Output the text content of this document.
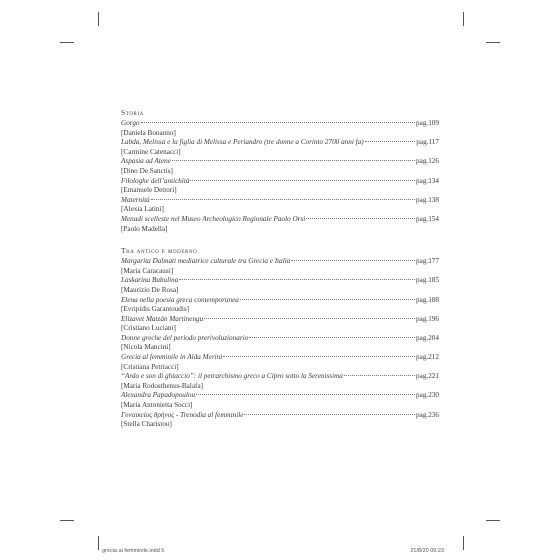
Storia
Gorgo	pag.109
[Daniela Bonanno]
Labda, Melissa e la figlia di Melissa e Periandro (tre donne a Corinto 2700 anni fa)	pag.117
[Carmine Catenacci]
Aspasia ad Atene	pag.126
[Dino De Sanctis]
Filologhe dell’antichità	pag.134
[Emanuele Dettori]
Maternità	pag.138
[Alexia Latini]
Menadi scelleste nel Museo Archeologico Regionale Paolo Orsi	pag.154
[Paolo Madella]
Tra antico e moderno
Margarita Dalmati mediatrice culturale tra Grecia e Italia	pag.177
[Maria Caracausi]
Laskarina Bubulina	pag.185
[Maurizio De Rosa]
Elena nella poesia greca contemporanea	pag.188
[Evripidis Garantoudis]
Elizavet Matzàn Martinengu	pag.196
[Cristiano Luciani]
Donne greche del periodo prerivoluzionario	pag.204
[Nicola Mancini]
Grecia al femminile in Alda Merini	pag.212
[Cristiana Petriacci]
“Ardo e son di ghiaccio”: il petrarchismo greco a Cipro sotto la Serenissima	pag.221
[Maria Rodosthenus-Balafa]
Alexandra Papadopoulou	pag.230
[Maria Antonietta Socci]
Γυναικείος θρήνος - Trenodia al femminile	pag.236
[Stella Charistou]
grecia al femminile.indd 5	21/8/20 09:23
